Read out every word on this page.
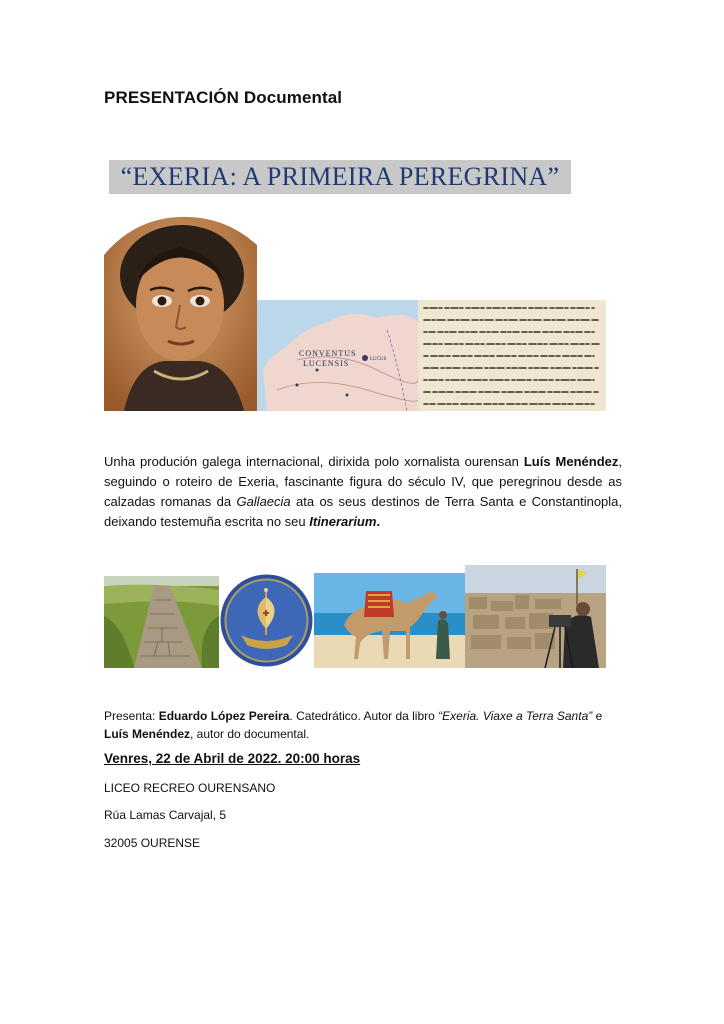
PRESENTACIÓN Documental
“EXERIA: A PRIMEIRA PEREGRINA”
CONVENTUS
LUCENSIS	LUCUS
Unha produción galega internacional, dirixida polo xornalista ourensan Luís Menéndez, seguindo o roteiro de Exeria, fascinante figura do século IV, que peregrinou desde as calzadas romanas da Gallaecia ata os seus destinos de Terra Santa e Constantinopla, deixando testemuña escrita no seu Itinerarium.
Presenta: Eduardo López Pereira. Catedrático. Autor da libro “Exeria. Viaxe a Terra Santa” e Luís Menéndez, autor do documental.
Venres, 22 de Abril de 2022. 20:00 horas
LICEO RECREO OURENSANO
Rúa Lamas Carvajal, 5
32005 OURENSE
